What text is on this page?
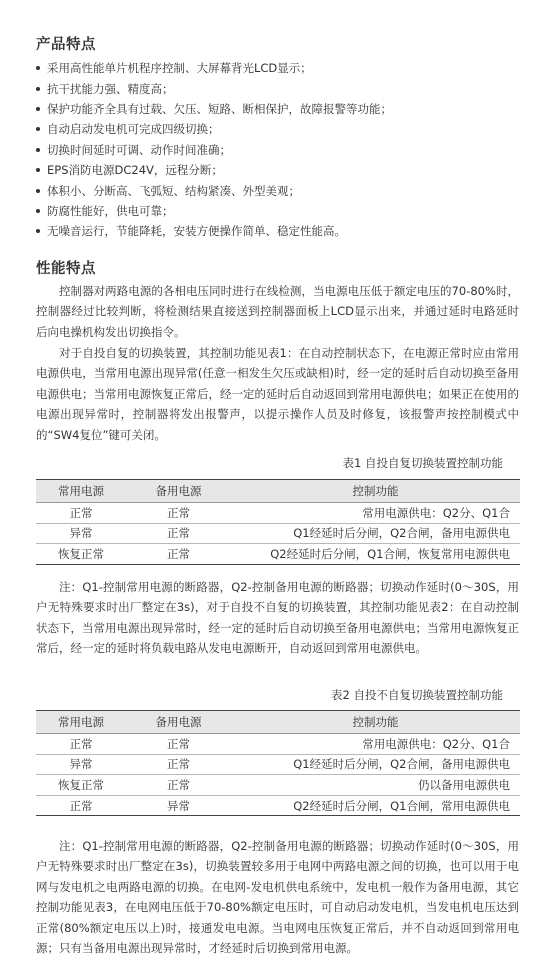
产品特点
采用高性能单片机程序控制、大屏幕背光LCD显示；
抗干扰能力强、精度高；
保护功能齐全具有过载、欠压、短路、断相保护，故障报警等功能；
自动启动发电机可完成四级切换；
切换时间延时可调、动作时间准确；
EPS消防电源DC24V，远程分断；
体积小、分断高、飞弧短、结构紧凑、外型美观；
防腐性能好，供电可靠；
无噪音运行，节能降耗，安装方便操作简单、稳定性能高。
性能特点

控制器对两路电源的各相电压同时进行在线检测，当电源电压低于额定电压的70-80%时，控制器经过比较判断，将检测结果直接送到控制器面板上LCD显示出来，并通过延时电路延时后向电操机构发出切换指令。

对于自投自复的切换装置，其控制功能见表1：在自动控制状态下，在电源正常时应由常用电源供电，当常用电源出现异常(任意一相发生欠压或缺相)时，经一定的延时后自动切换至备用电源供电；当常用电源恢复正常后，经一定的延时后自动返回到常用电源供电；如果正在使用的电源出现异常时，控制器将发出报警声，以提示操作人员及时修复，该报警声按控制模式中的“SW4复位”键可关闭。

表1 自投自复切换装置控制功能
常用电源	备用电源	控制功能
正常	正常	常用电源供电：Q2分、Q1合
异常	正常	Q1经延时后分闸，Q2合闸，备用电源供电
恢复正常	正常	Q2经延时后分闸，Q1合闸，恢复常用电源供电

注：Q1-控制常用电源的断路器，Q2-控制备用电源的断路器；切换动作延时(0～30S，用户无特殊要求时出厂整定在3s)，对于自投不自复的切换装置，其控制功能见表2：在自动控制状态下，当常用电源出现异常时，经一定的延时后自动切换至备用电源供电；当常用电源恢复正常后，经一定的延时将负载电路从发电电源断开，自动返回到常用电源供电。

表2 自投不自复切换装置控制功能
常用电源	备用电源	控制功能
正常	正常	常用电源供电：Q2分、Q1合
异常	正常	Q1经延时后分闸，Q2合闸，备用电源供电
恢复正常	正常	仍以备用电源供电
正常	异常	Q2经延时后分闸，Q1合闸，常用电源供电

注：Q1-控制常用电源的断路器，Q2-控制备用电源的断路器；切换动作延时(0～30S，用户无特殊要求时出厂整定在3s)，切换装置较多用于电网中两路电源之间的切换，也可以用于电网与发电机之电两路电源的切换。在电网-发电机供电系统中，发电机一般作为备用电源，其它控制功能见表3，在电网电压低于70-80%额定电压时，可自动启动发电机，当发电机电压达到正常(80%额定电压以上)时，接通发电电源。当电网电压恢复正常后，并不自动返回到常用电源；只有当备用电源出现异常时，才经延时后切换到常用电源。
